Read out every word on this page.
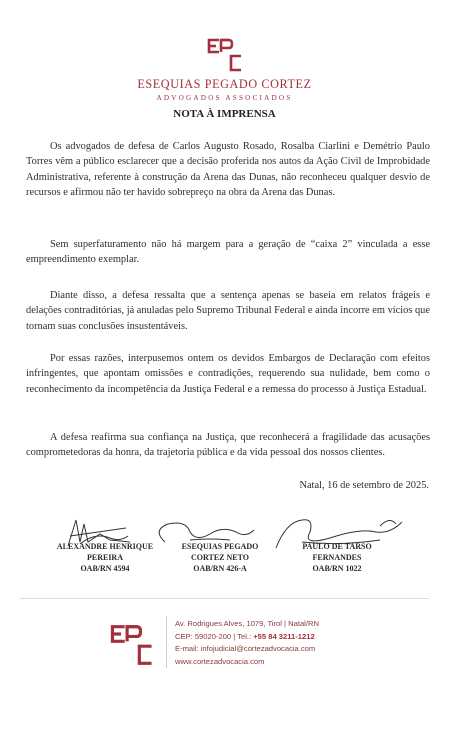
ESEQUIAS PEGADO CORTEZ
ADVOGADOS ASSOCIADOS
NOTA À IMPRENSA

Os advogados de defesa de Carlos Augusto Rosado, Rosalba Ciarlini e Demétrio Paulo Torres vêm a público esclarecer que a decisão proferida nos autos da Ação Civil de Improbidade Administrativa, referente à construção da Arena das Dunas, não reconheceu qualquer desvio de recursos e afirmou não ter havido sobrepreço na obra da Arena das Dunas.

Sem superfaturamento não há margem para a geração de “caixa 2” vinculada a esse empreendimento exemplar.

Diante disso, a defesa ressalta que a sentença apenas se baseia em relatos frágeis e delações contraditórias, já anuladas pelo Supremo Tribunal Federal e ainda incorre em vícios que tornam suas conclusões insustentáveis.

Por essas razões, interpusemos ontem os devidos Embargos de Declaração com efeitos infringentes, que apontam omissões e contradições, requerendo sua nulidade, bem como o reconhecimento da incompetência da Justiça Federal e a remessa do processo à Justiça Estadual.

A defesa reafirma sua confiança na Justiça, que reconhecerá a fragilidade das acusações comprometedoras da honra, da trajetoria pública e da vida pessoal dos nossos clientes.

Natal, 16 de setembro de 2025.
ALEXANDRE HENRIQUE
PEREIRA
OAB/RN 4594
ESEQUIAS PEGADO
CORTEZ NETO
OAB/RN 426-A
PAULO DE TARSO
FERNANDES
OAB/RN 1022
Av. Rodrigues Alves, 1079, Tirol | Natal/RN
CEP: 59020-200 | Tel.: +55 84 3211-1212
E-mail: infojudicial@cortezadvocacia.com
www.cortezadvocacia.com
